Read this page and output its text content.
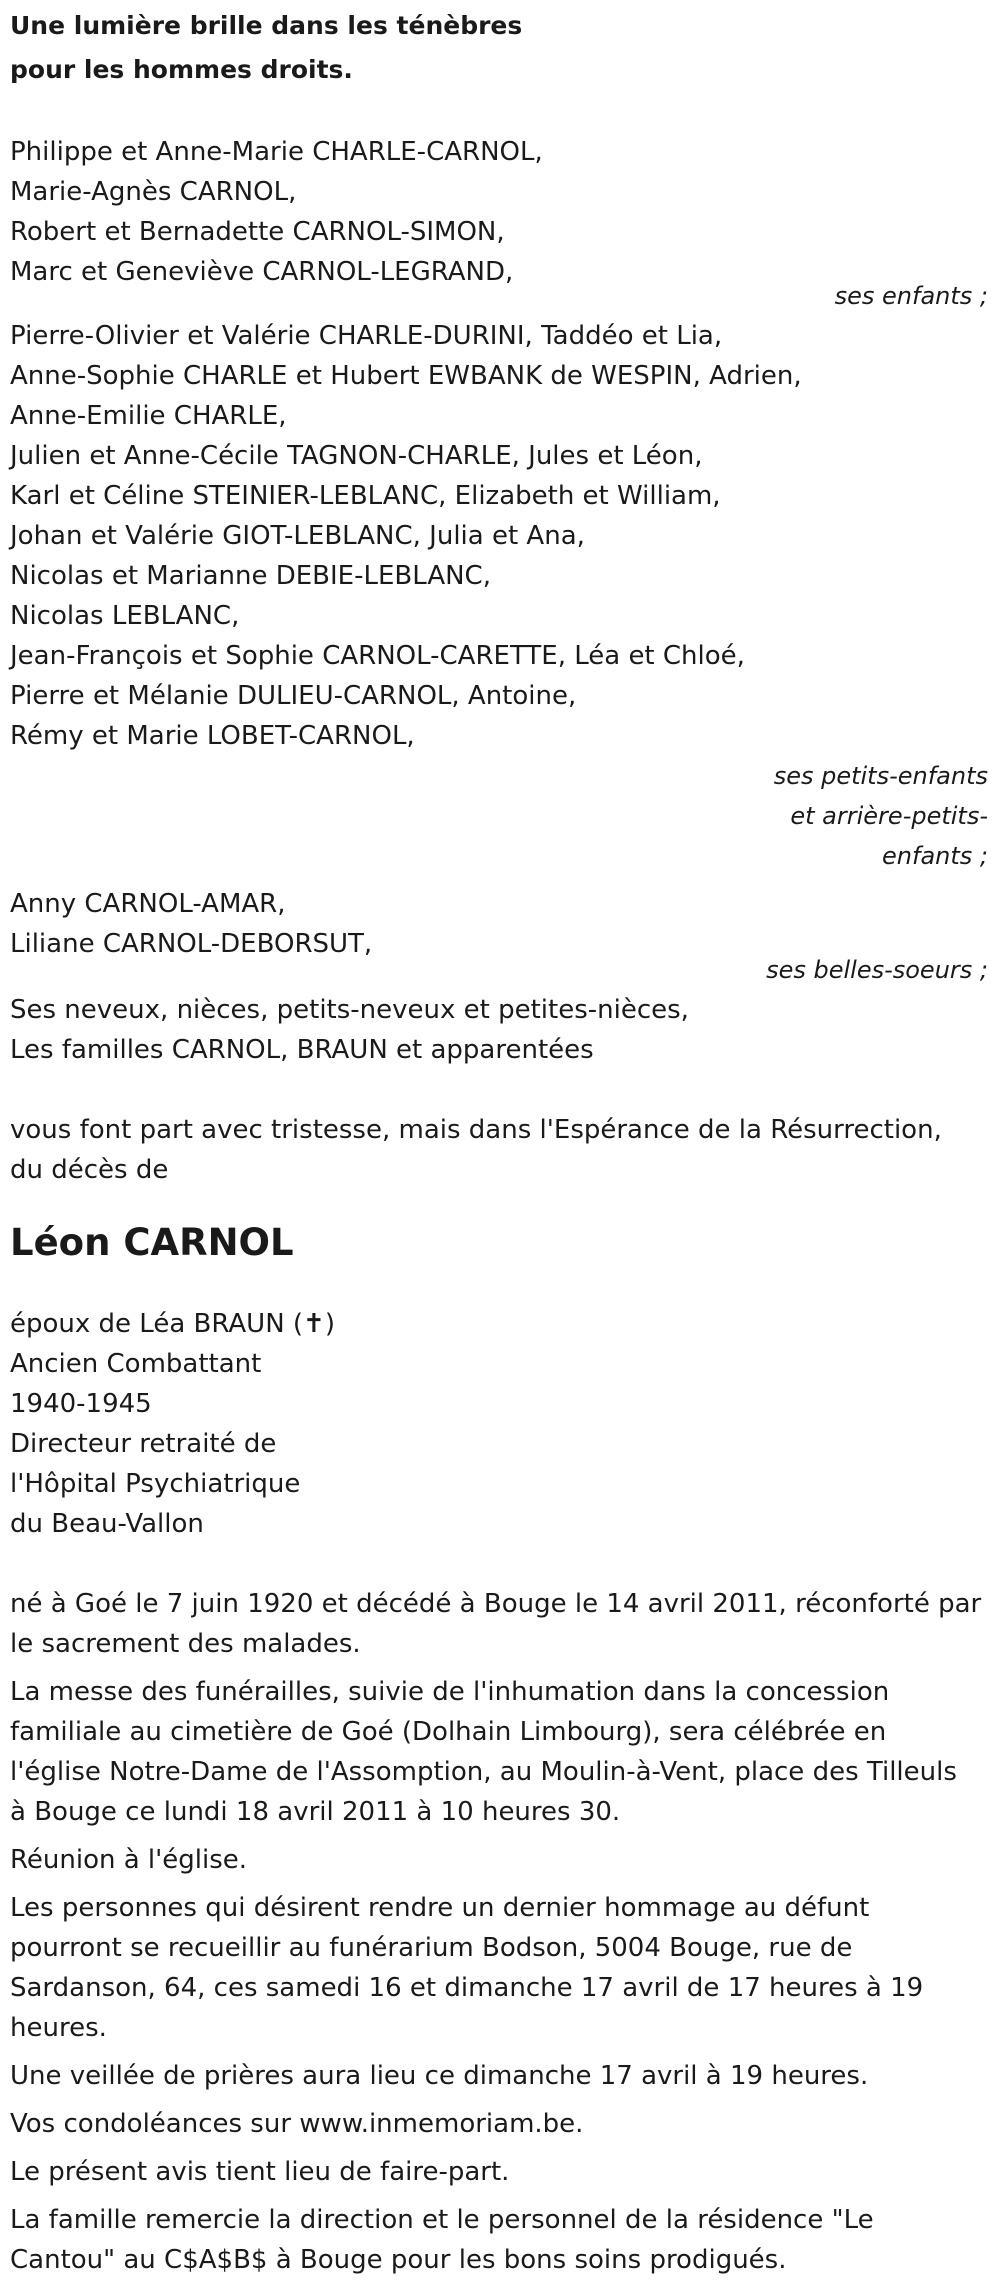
Une lumière brille dans les ténèbres
pour les hommes droits.
Philippe et Anne-Marie CHARLE-CARNOL,
Marie-Agnès CARNOL,
Robert et Bernadette CARNOL-SIMON,
Marc et Geneviève CARNOL-LEGRAND,
ses enfants ;
Pierre-Olivier et Valérie CHARLE-DURINI, Taddéo et Lia,
Anne-Sophie CHARLE et Hubert EWBANK de WESPIN, Adrien,
Anne-Emilie CHARLE,
Julien et Anne-Cécile TAGNON-CHARLE, Jules et Léon,
Karl et Céline STEINIER-LEBLANC, Elizabeth et William,
Johan et Valérie GIOT-LEBLANC, Julia et Ana,
Nicolas et Marianne DEBIE-LEBLANC,
Nicolas LEBLANC,
Jean-François et Sophie CARNOL-CARETTE, Léa et Chloé,
Pierre et Mélanie DULIEU-CARNOL, Antoine,
Rémy et Marie LOBET-CARNOL,
ses petits-enfants
et arrière-petits-
enfants ;
Anny CARNOL-AMAR,
Liliane CARNOL-DEBORSUT,
ses belles-soeurs ;
Ses neveux, nièces, petits-neveux et petites-nièces,
Les familles CARNOL, BRAUN et apparentées
vous font part avec tristesse, mais dans l'Espérance de la Résurrection,
du décès de
Léon CARNOL
époux de Léa BRAUN (✝)
Ancien Combattant
1940-1945
Directeur retraité de
l'Hôpital Psychiatrique
du Beau-Vallon
né à Goé le 7 juin 1920 et décédé à Bouge le 14 avril 2011, réconforté par
le sacrement des malades.
La messe des funérailles, suivie de l'inhumation dans la concession
familiale au cimetière de Goé (Dolhain Limbourg), sera célébrée en
l'église Notre-Dame de l'Assomption, au Moulin-à-Vent, place des Tilleuls
à Bouge ce lundi 18 avril 2011 à 10 heures 30.
Réunion à l'église.
Les personnes qui désirent rendre un dernier hommage au défunt
pourront se recueillir au funérarium Bodson, 5004 Bouge, rue de
Sardanson, 64, ces samedi 16 et dimanche 17 avril de 17 heures à 19
heures.
Une veillée de prières aura lieu ce dimanche 17 avril à 19 heures.
Vos condoléances sur www.inmemoriam.be.
Le présent avis tient lieu de faire-part.
La famille remercie la direction et le personnel de la résidence "Le
Cantou" au C$A$B$ à Bouge pour les bons soins prodigués.
